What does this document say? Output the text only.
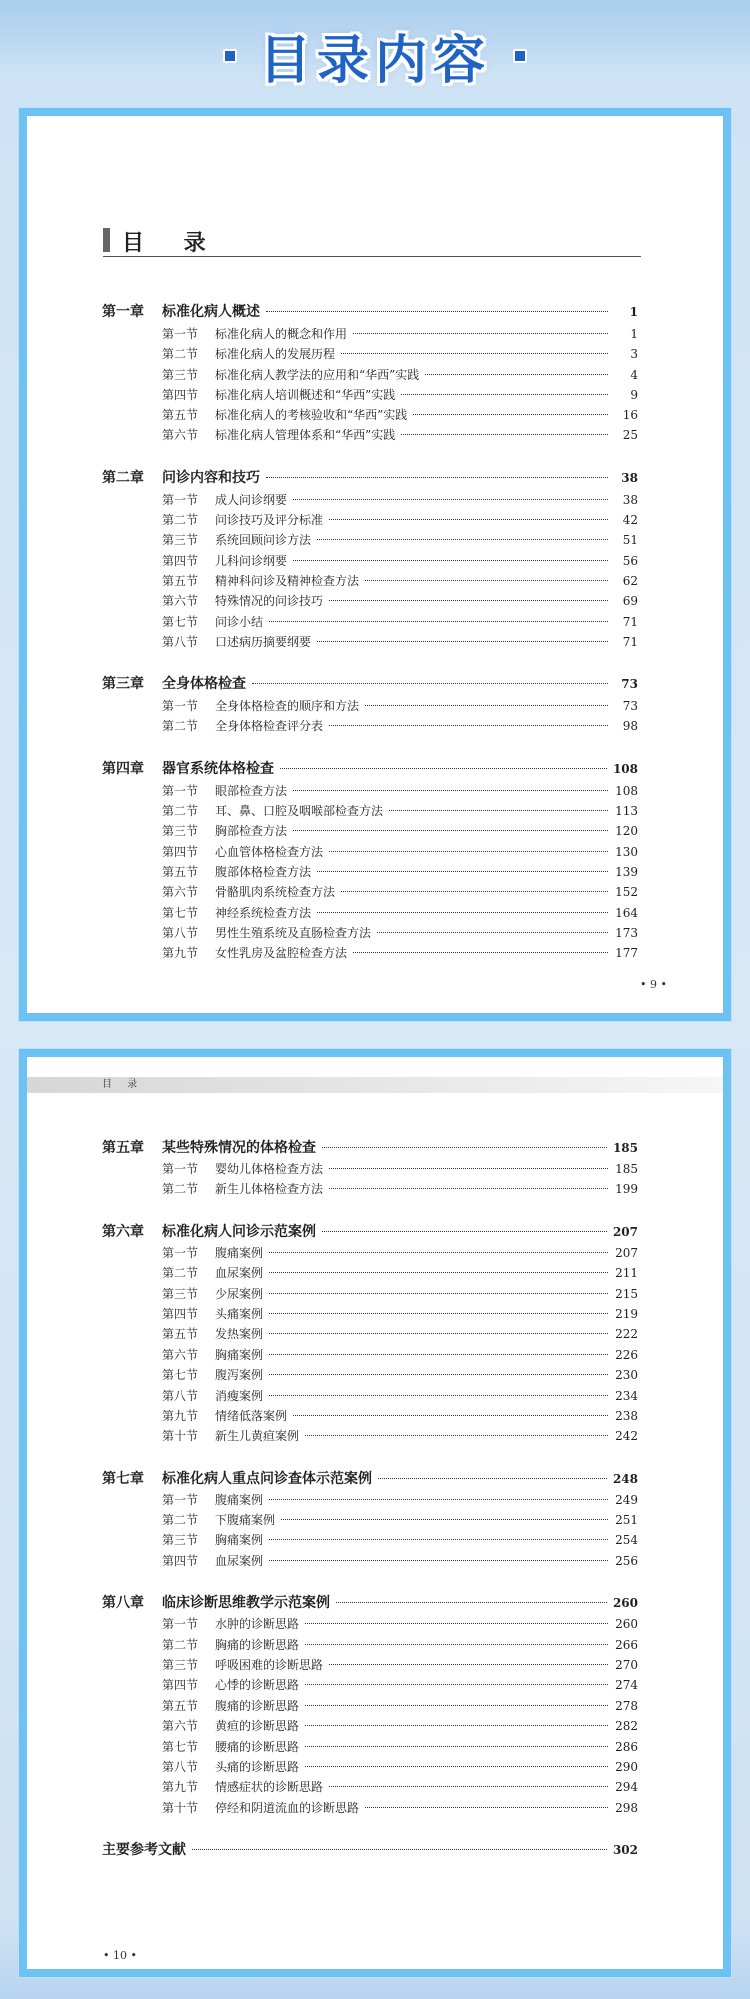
目录内容
目 录
第一章	标准化病人概述	1
第一节	标准化病人的概念和作用	1
第二节	标准化病人的发展历程	3
第三节	标准化病人教学法的应用和“华西”实践	4
第四节	标准化病人培训概述和“华西”实践	9
第五节	标准化病人的考核验收和“华西”实践	16
第六节	标准化病人管理体系和“华西”实践	25
第二章	问诊内容和技巧	38
第一节	成人问诊纲要	38
第二节	问诊技巧及评分标准	42
第三节	系统回顾问诊方法	51
第四节	儿科问诊纲要	56
第五节	精神科问诊及精神检查方法	62
第六节	特殊情况的问诊技巧	69
第七节	问诊小结	71
第八节	口述病历摘要纲要	71
第三章	全身体格检查	73
第一节	全身体格检查的顺序和方法	73
第二节	全身体格检查评分表	98
第四章	器官系统体格检查	108
第一节	眼部检查方法	108
第二节	耳、鼻、口腔及咽喉部检查方法	113
第三节	胸部检查方法	120
第四节	心血管体格检查方法	130
第五节	腹部体格检查方法	139
第六节	骨骼肌肉系统检查方法	152
第七节	神经系统检查方法	164
第八节	男性生殖系统及直肠检查方法	173
第九节	女性乳房及盆腔检查方法	177
• 9 •
目 录
第五章	某些特殊情况的体格检查	185
第一节	婴幼儿体格检查方法	185
第二节	新生儿体格检查方法	199
第六章	标准化病人问诊示范案例	207
第一节	腹痛案例	207
第二节	血尿案例	211
第三节	少尿案例	215
第四节	头痛案例	219
第五节	发热案例	222
第六节	胸痛案例	226
第七节	腹泻案例	230
第八节	消瘦案例	234
第九节	情绪低落案例	238
第十节	新生儿黄疸案例	242
第七章	标准化病人重点问诊查体示范案例	248
第一节	腹痛案例	249
第二节	下腹痛案例	251
第三节	胸痛案例	254
第四节	血尿案例	256
第八章	临床诊断思维教学示范案例	260
第一节	水肿的诊断思路	260
第二节	胸痛的诊断思路	266
第三节	呼吸困难的诊断思路	270
第四节	心悸的诊断思路	274
第五节	腹痛的诊断思路	278
第六节	黄疸的诊断思路	282
第七节	腰痛的诊断思路	286
第八节	头痛的诊断思路	290
第九节	情感症状的诊断思路	294
第十节	停经和阴道流血的诊断思路	298
主要参考文献	302
• 10 •
